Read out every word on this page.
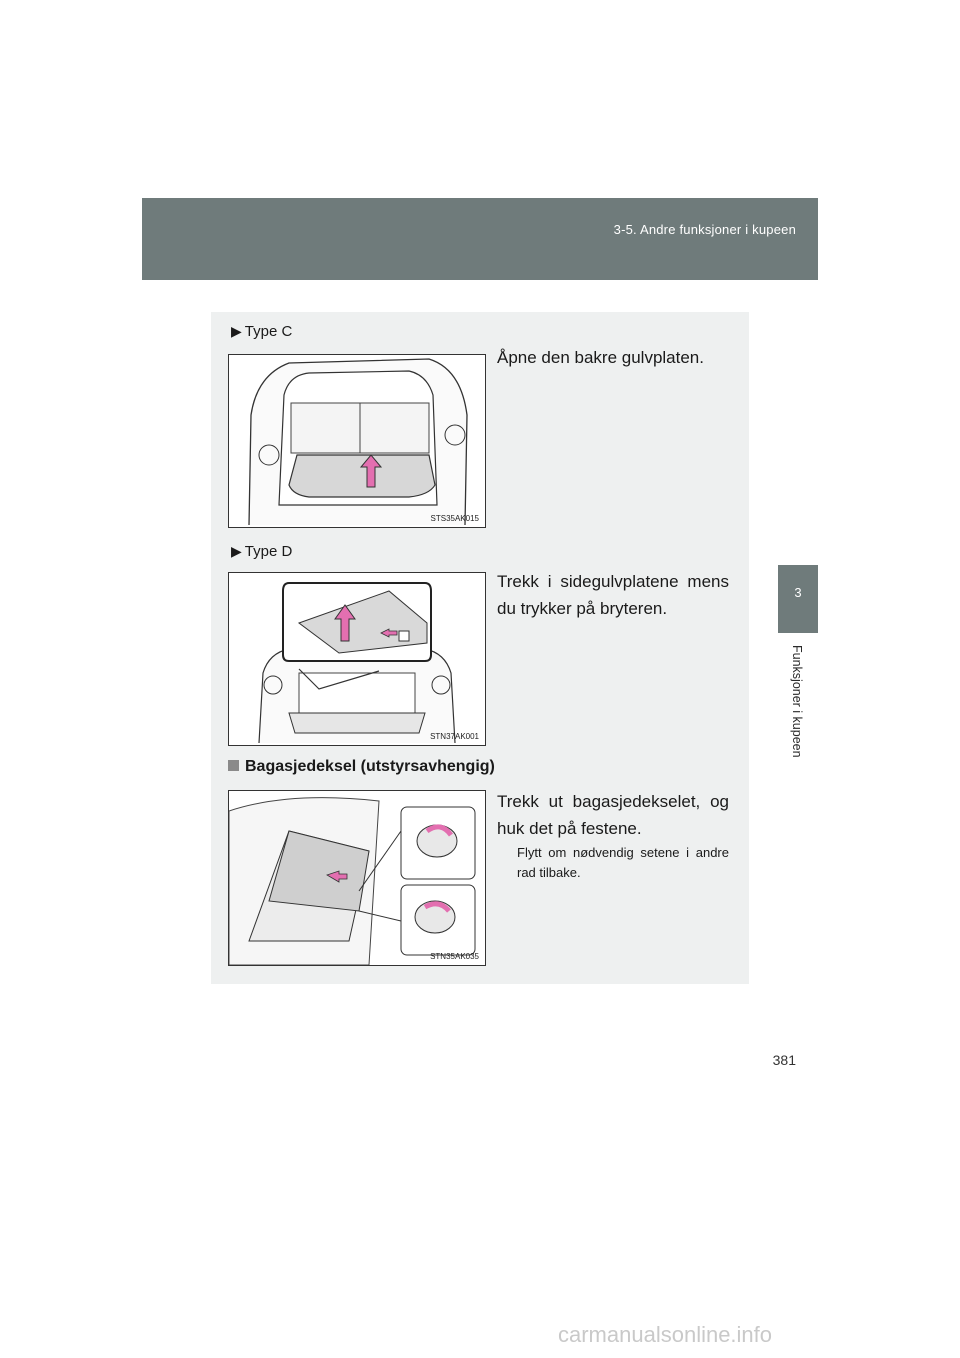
3-5. Andre funksjoner i kupeen
3
Funksjoner i kupeen
▶ Type C
STS35AK015
Åpne den bakre gulvplaten.
▶ Type D
STN37AK001
Trekk i sidegulvplatene mens du trykker på bryteren.
Bagasjedeksel (utstyrsavhengig)
STN35AK035
Trekk ut bagasjedekselet, og huk det på festene.
Flytt om nødvendig setene i andre rad tilbake.
381
carmanualsonline.info
